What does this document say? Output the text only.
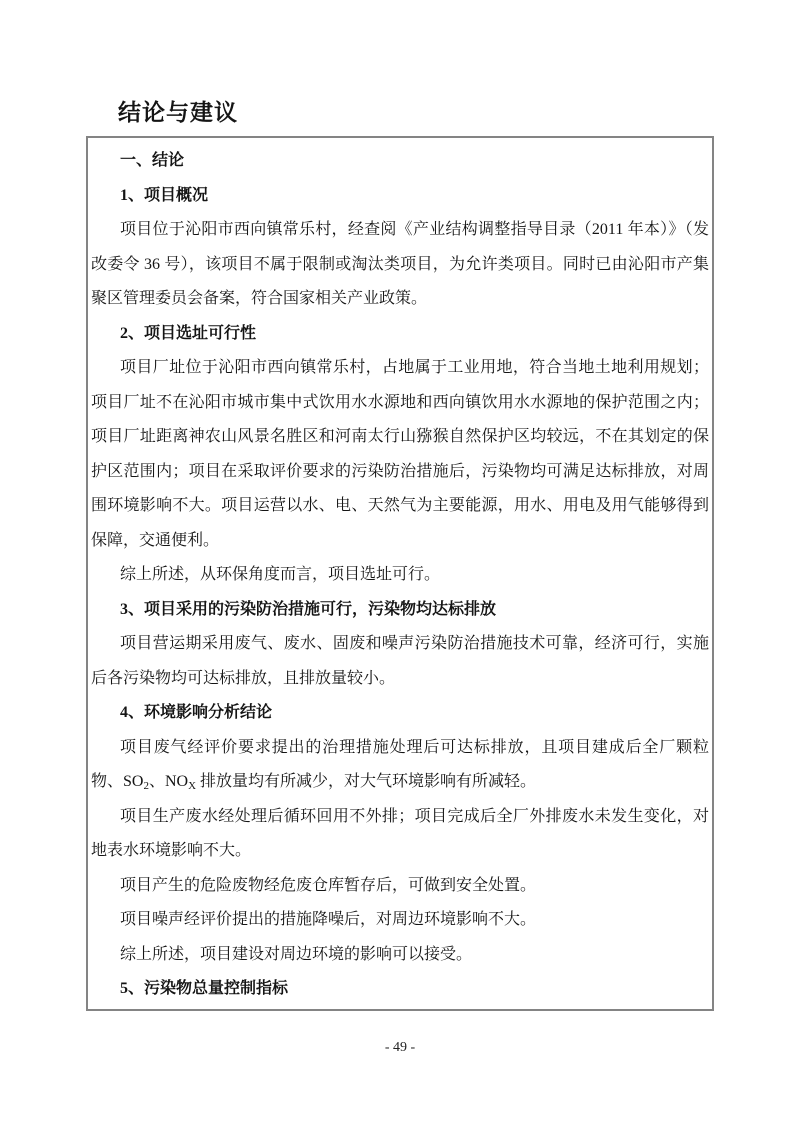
结论与建议

一、结论

1、项目概况

项目位于沁阳市西向镇常乐村，经查阅《产业结构调整指导目录（2011 年本）》（发改委令 36 号），该项目不属于限制或淘汰类项目，为允许类项目。同时已由沁阳市产集聚区管理委员会备案，符合国家相关产业政策。

2、项目选址可行性

项目厂址位于沁阳市西向镇常乐村，占地属于工业用地，符合当地土地利用规划；项目厂址不在沁阳市城市集中式饮用水水源地和西向镇饮用水水源地的保护范围之内；项目厂址距离神农山风景名胜区和河南太行山猕猴自然保护区均较远，不在其划定的保护区范围内；项目在采取评价要求的污染防治措施后，污染物均可满足达标排放，对周围环境影响不大。项目运营以水、电、天然气为主要能源，用水、用电及用气能够得到保障，交通便利。

综上所述，从环保角度而言，项目选址可行。

3、项目采用的污染防治措施可行，污染物均达标排放

项目营运期采用废气、废水、固废和噪声污染防治措施技术可靠，经济可行，实施后各污染物均可达标排放，且排放量较小。

4、环境影响分析结论

项目废气经评价要求提出的治理措施处理后可达标排放，且项目建成后全厂颗粒物、$SO_2$、$NO_X$ 排放量均有所减少，对大气环境影响有所减轻。

项目生产废水经处理后循环回用不外排；项目完成后全厂外排废水未发生变化，对地表水环境影响不大。

项目产生的危险废物经危废仓库暂存后，可做到安全处置。

项目噪声经评价提出的措施降噪后，对周边环境影响不大。

综上所述，项目建设对周边环境的影响可以接受。

5、污染物总量控制指标

- 49 -
